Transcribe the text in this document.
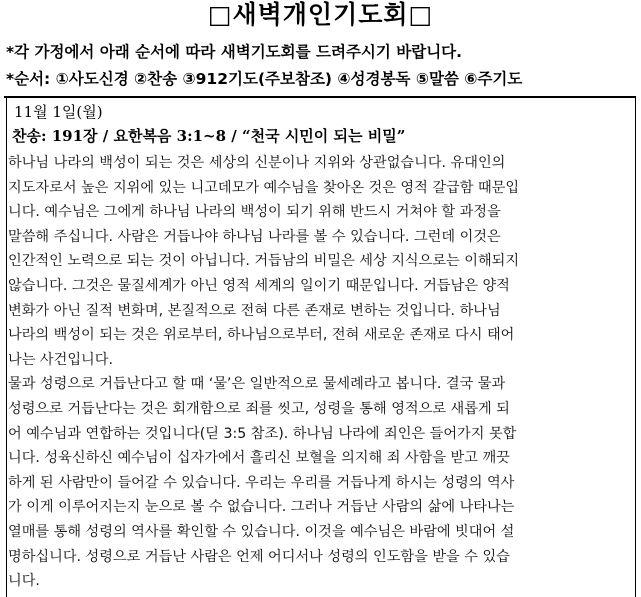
□새벽개인기도회□
*각 가정에서 아래 순서에 따라 새벽기도회를 드려주시기 바랍니다.
*순서: ①사도신경 ②찬송 ③912기도(주보참조) ④성경봉독 ⑤말씀 ⑥주기도
11월 1일(월)
찬송: 191장 / 요한복음 3:1~8 / “천국 시민이 되는 비밀”
하나님 나라의 백성이 되는 것은 세상의 신분이나 지위와 상관없습니다. 유대인의
지도자로서 높은 지위에 있는 니고데모가 예수님을 찾아온 것은 영적 갈급함 때문입
니다. 예수님은 그에게 하나님 나라의 백성이 되기 위해 반드시 거쳐야 할 과정을
말씀해 주십니다. 사람은 거듭나야 하나님 나라를 볼 수 있습니다. 그런데 이것은
인간적인 노력으로 되는 것이 아닙니다. 거듭남의 비밀은 세상 지식으로는 이해되지
않습니다. 그것은 물질세계가 아닌 영적 세계의 일이기 때문입니다. 거듭남은 양적
변화가 아닌 질적 변화며, 본질적으로 전혀 다른 존재로 변하는 것입니다. 하나님
나라의 백성이 되는 것은 위로부터, 하나님으로부터, 전혀 새로운 존재로 다시 태어
나는 사건입니다.
물과 성령으로 거듭난다고 할 때 ‘물’은 일반적으로 물세례라고 봅니다. 결국 물과
성령으로 거듭난다는 것은 회개함으로 죄를 씻고, 성령을 통해 영적으로 새롭게 되
어 예수님과 연합하는 것입니다(딛 3:5 참조). 하나님 나라에 죄인은 들어가지 못합
니다. 성육신하신 예수님이 십자가에서 흘리신 보혈을 의지해 죄 사함을 받고 깨끗
하게 된 사람만이 들어갈 수 있습니다. 우리는 우리를 거듭나게 하시는 성령의 역사
가 이게 이루어지는지 눈으로 볼 수 없습니다. 그러나 거듭난 사람의 삶에 나타나는
열매를 통해 성령의 역사를 확인할 수 있습니다. 이것을 예수님은 바람에 빗대어 설
명하십니다. 성령으로 거듭난 사람은 언제 어디서나 성령의 인도함을 받을 수 있습
니다.
